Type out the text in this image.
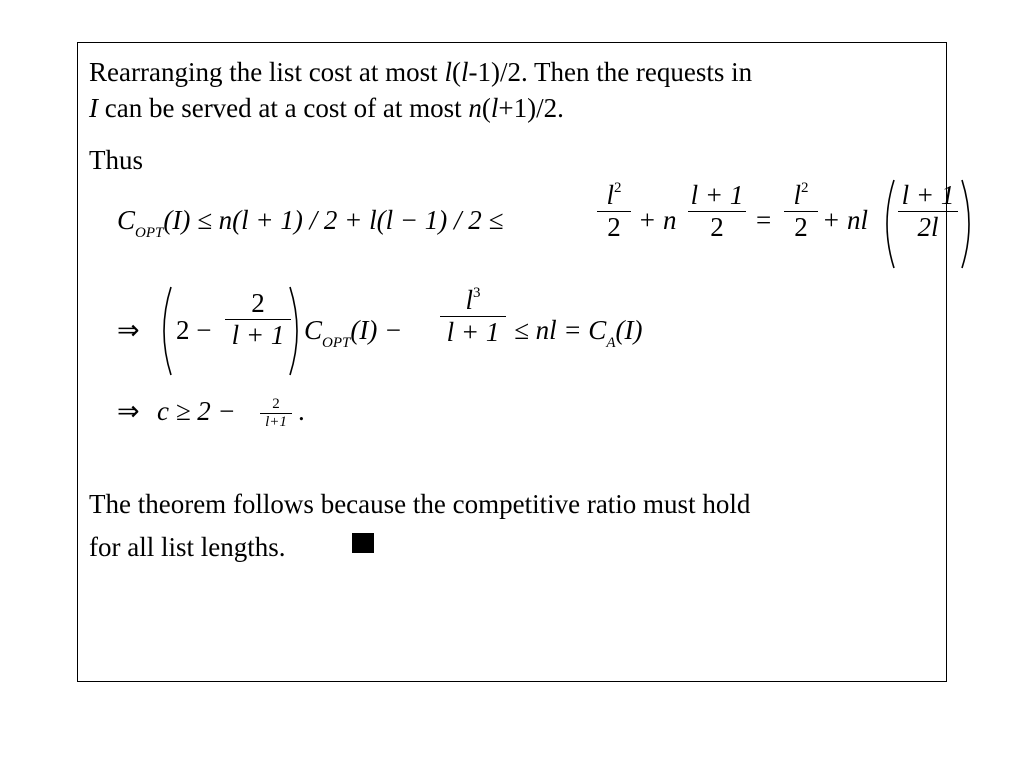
Rearranging the list cost at most l(l-1)/2. Then the requests in
I can be served at a cost of at most n(l+1)/2.
Thus
$C_{OPT}(I) \le n(l + 1) / 2 + l(l - 1) / 2$ ≤
$l^2$
2 + n
l + 1
2	=
$l^2$
2 + nl
l + 1
2l
⇒ 2 −
2
l + 1 $C_{OPT}(I)$ −
$l^3$
l + 1 ≤ nl = $C_A(I)$
⇒ c ≥ 2 −	2
l+1 .
The theorem follows because the competitive ratio must hold
for all list lengths.
